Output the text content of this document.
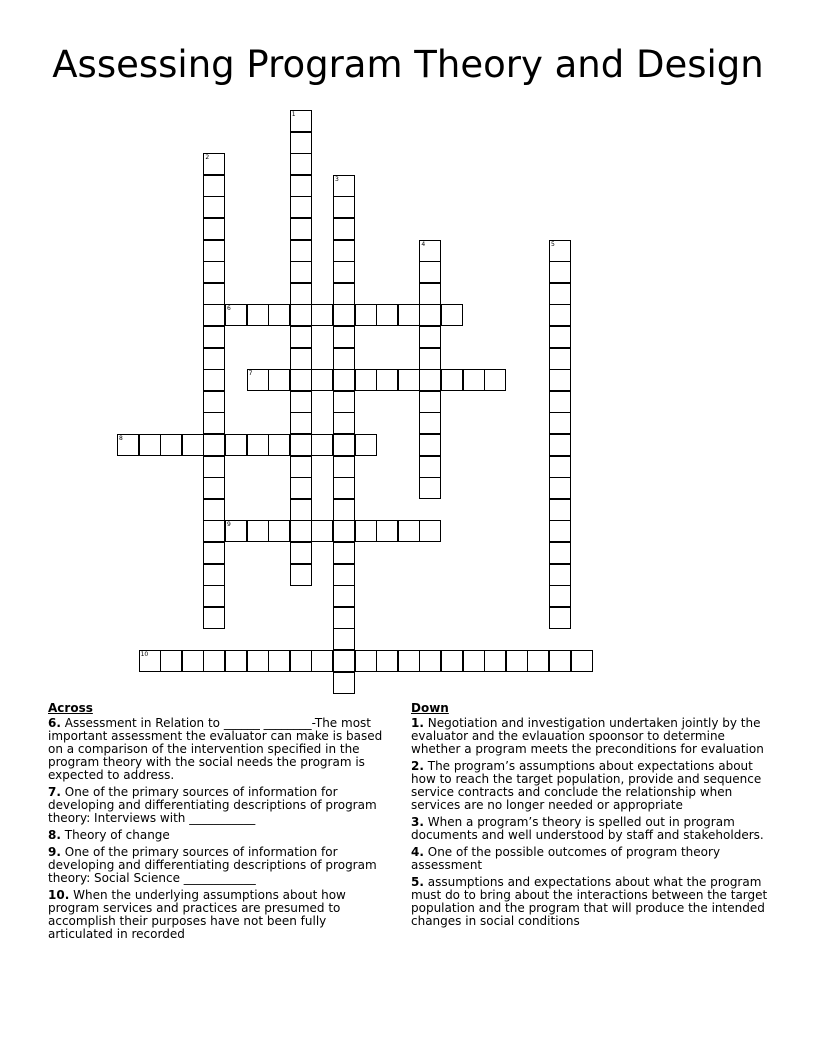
Assessing Program Theory and Design
1
2
3
4	5
6
7
8
9
10
Across
6. Assessment in Relation to ______ ________-The most important assessment the evaluator can make is based on a comparison of the intervention specified in the program theory with the social needs the program is expected to address.
7. One of the primary sources of information for developing and differentiating descriptions of program theory: Interviews with ___________
8. Theory of change
9. One of the primary sources of information for developing and differentiating descriptions of program theory: Social Science ____________
10. When the underlying assumptions about how program services and practices are presumed to accomplish their purposes have not been fully articulated in recorded
Down
1. Negotiation and investigation undertaken jointly by the evaluator and the evlauation spoonsor to determine whether a program meets the preconditions for evaluation
2. The program’s assumptions about expectations about how to reach the target population, provide and sequence service contracts and conclude the relationship when services are no longer needed or appropriate
3. When a program’s theory is spelled out in program documents and well understood by staff and stakeholders.
4. One of the possible outcomes of program theory assessment
5. assumptions and expectations about what the program must do to bring about the interactions between the target population and the program that will produce the intended changes in social conditions
